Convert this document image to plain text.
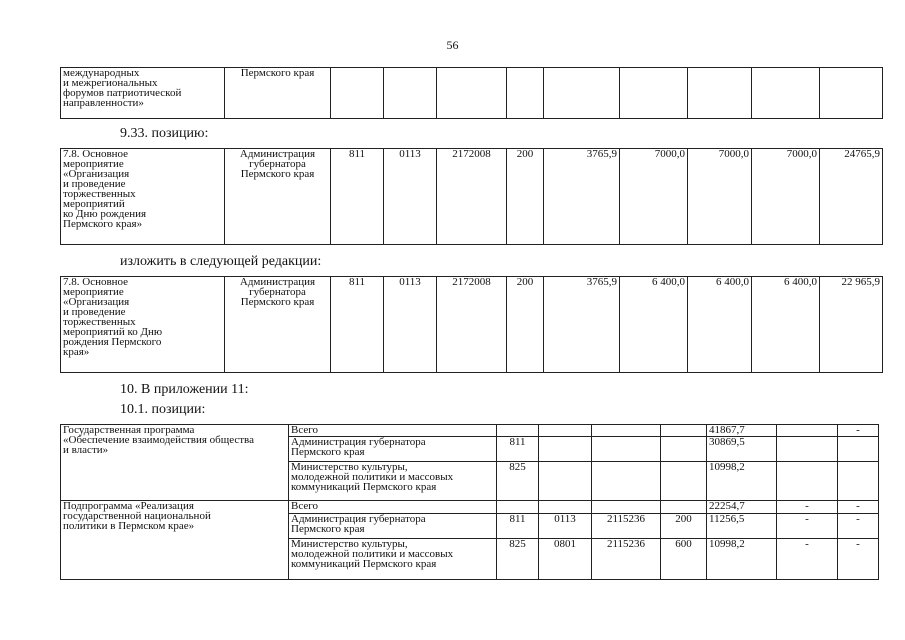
56
международных
и межрегиональных
форумов патриотической
направленности»	Пермского края									
9.33. позицию:
7.8. Основное
мероприятие
«Организация
и проведение
торжественных
мероприятий
ко Дню рождения
Пермского края»	Администрация
губернатора
Пермского края	811	0113	2172008	200	3765,9	7000,0	7000,0	7000,0	24765,9
изложить в следующей редакции:
7.8. Основное
мероприятие
«Организация
и проведение
торжественных
мероприятий ко Дню
рождения Пермского
края»	Администрация
губернатора
Пермского края	811	0113	2172008	200	3765,9	6 400,0	6 400,0	6 400,0	22 965,9
10. В приложении 11:
10.1. позиции:
Государственная программа
«Обеспечение взаимодействия общества
и власти»	Всего					41867,7		-
	Администрация губернатора
Пермского края	811				30869,5		
	Министерство культуры,
молодежной политики и массовых
коммуникаций Пермского края	825				10998,2		
Подпрограмма «Реализация
государственной национальной
политики в Пермском крае»	Всего					22254,7	-	-
	Администрация губернатора
Пермского края	811	0113	2115236	200	11256,5	-	-
	Министерство культуры,
молодежной политики и массовых
коммуникаций Пермского края	825	0801	2115236	600	10998,2	-	-
